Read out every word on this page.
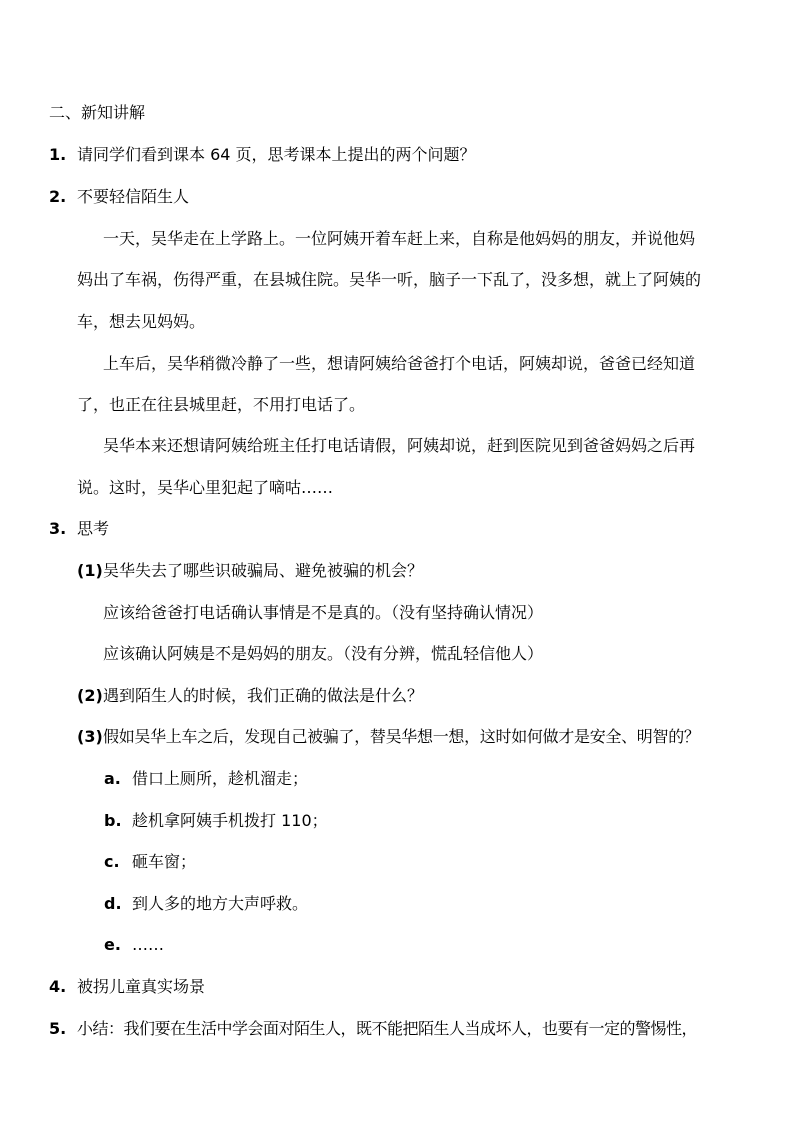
二、新知讲解
1. 请同学们看到课本 64 页，思考课本上提出的两个问题？
2. 不要轻信陌生人
一天，吴华走在上学路上。一位阿姨开着车赶上来，自称是他妈妈的朋友，并说他妈
妈出了车祸，伤得严重，在县城住院。吴华一听，脑子一下乱了，没多想，就上了阿姨的
车，想去见妈妈。
上车后，吴华稍微冷静了一些，想请阿姨给爸爸打个电话，阿姨却说，爸爸已经知道
了，也正在往县城里赶，不用打电话了。
吴华本来还想请阿姨给班主任打电话请假，阿姨却说，赶到医院见到爸爸妈妈之后再
说。这时，吴华心里犯起了嘀咕……
3. 思考
(1) 吴华失去了哪些识破骗局、避免被骗的机会？
应该给爸爸打电话确认事情是不是真的。（没有坚持确认情况）
应该确认阿姨是不是妈妈的朋友。（没有分辨，慌乱轻信他人）
(2) 遇到陌生人的时候，我们正确的做法是什么？
(3) 假如吴华上车之后，发现自己被骗了，替吴华想一想，这时如何做才是安全、明智的？
a. 借口上厕所，趁机溜走；
b. 趁机拿阿姨手机拨打 110；
c. 砸车窗；
d. 到人多的地方大声呼救。
e. ……
4. 被拐儿童真实场景
5. 小结：我们要在生活中学会面对陌生人，既不能把陌生人当成坏人，也要有一定的警惕性，
